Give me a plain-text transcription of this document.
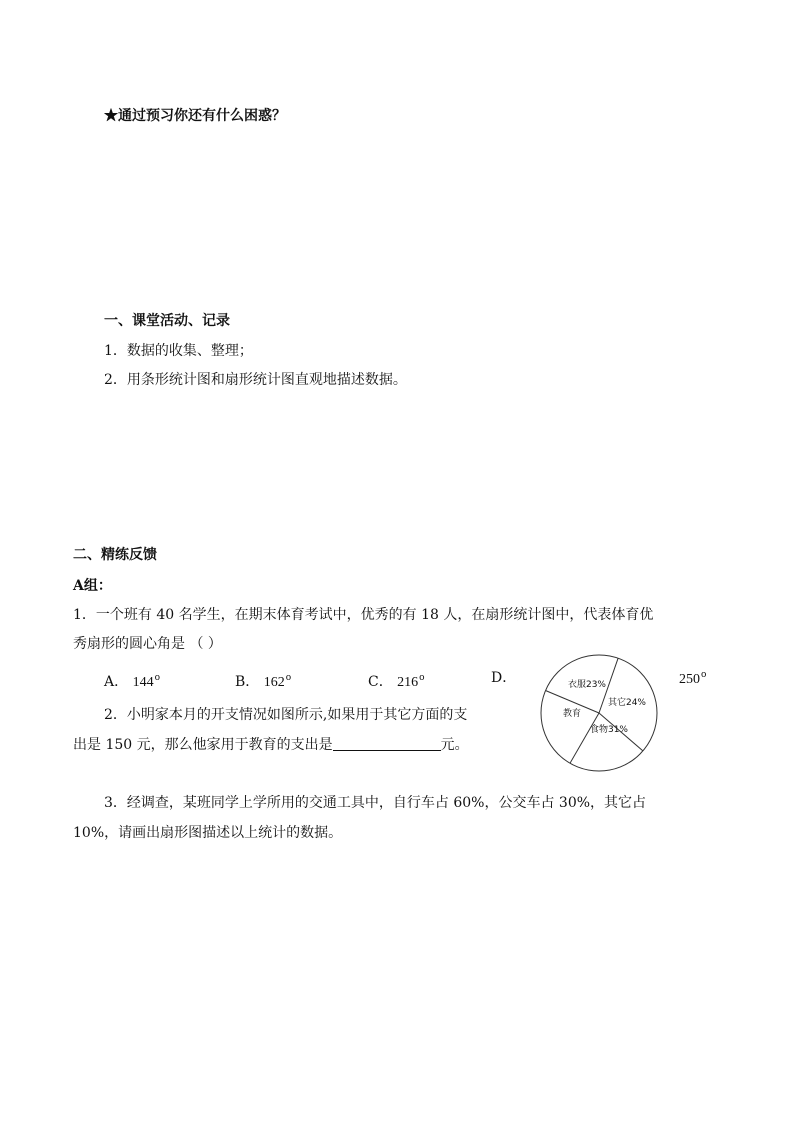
★通过预习你还有什么困惑？
一、课堂活动、记录
1．数据的收集、整理；
2．用条形统计图和扇形统计图直观地描述数据。
二、精练反馈
A组：
1．一个班有 40 名学生，在期末体育考试中，优秀的有 18 人，在扇形统计图中，代表体育优
秀扇形的圆心角是 （ ）
A． 144$^o$	B． 162$^o$	C． 216$^o$	D．	250$^o$
2．小明家本月的开支情况如图所示,如果用于其它方面的支
出是 150 元，那么他家用于教育的支出是	元。
衣服23%
其它24%
食物31%
教育
3．经调查，某班同学上学所用的交通工具中，自行车占 60%，公交车占 30%，其它占
10%，请画出扇形图描述以上统计的数据。
